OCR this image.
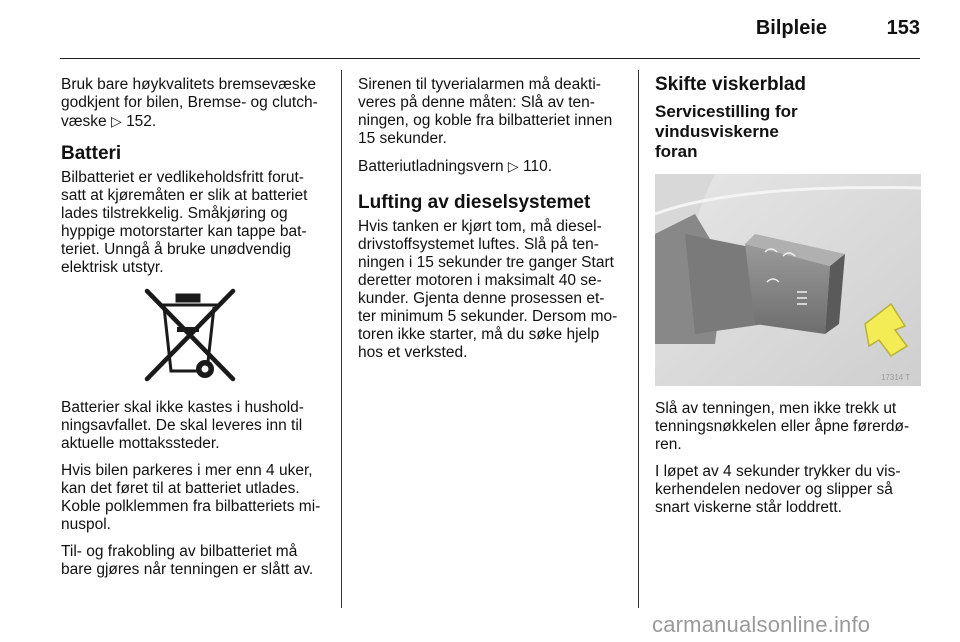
Bilpleie	153

Bruk bare høykvalitets bremsevæske
godkjent for bilen, Bremse- og clutch-
væske ▷ 152.

Batteri

Bilbatteriet er vedlikeholdsfritt forut-
satt at kjøremåten er slik at batteriet
lades tilstrekkelig. Småkjøring og
hyppige motorstarter kan tappe bat-
teriet. Unngå å bruke unødvendig
elektrisk utstyr.

Batterier skal ikke kastes i hushold-
ningsavfallet. De skal leveres inn til
aktuelle mottakssteder.

Hvis bilen parkeres i mer enn 4 uker,
kan det føret til at batteriet utlades.
Koble polklemmen fra bilbatteriets mi-
nuspol.

Til- og frakobling av bilbatteriet må
bare gjøres når tenningen er slått av.

Sirenen til tyverialarmen må deakti-
veres på denne måten: Slå av ten-
ningen, og koble fra bilbatteriet innen
15 sekunder.

Batteriutladningsvern ▷ 110.

Lufting av dieselsystemet

Hvis tanken er kjørt tom, må diesel-
drivstoffsystemet luftes. Slå på ten-
ningen i 15 sekunder tre ganger Start
deretter motoren i maksimalt 40 se-
kunder. Gjenta denne prosessen et-
ter minimum 5 sekunder. Dersom mo-
toren ikke starter, må du søke hjelp
hos et verksted.

Skifte viskerblad
Servicestilling for vindusviskerne
foran
17314 T

Slå av tenningen, men ikke trekk ut
tenningsnøkkelen eller åpne førerdø-
ren.

I løpet av 4 sekunder trykker du vis-
kerhendelen nedover og slipper så
snart viskerne står loddrett.

carmanualsonline.info
